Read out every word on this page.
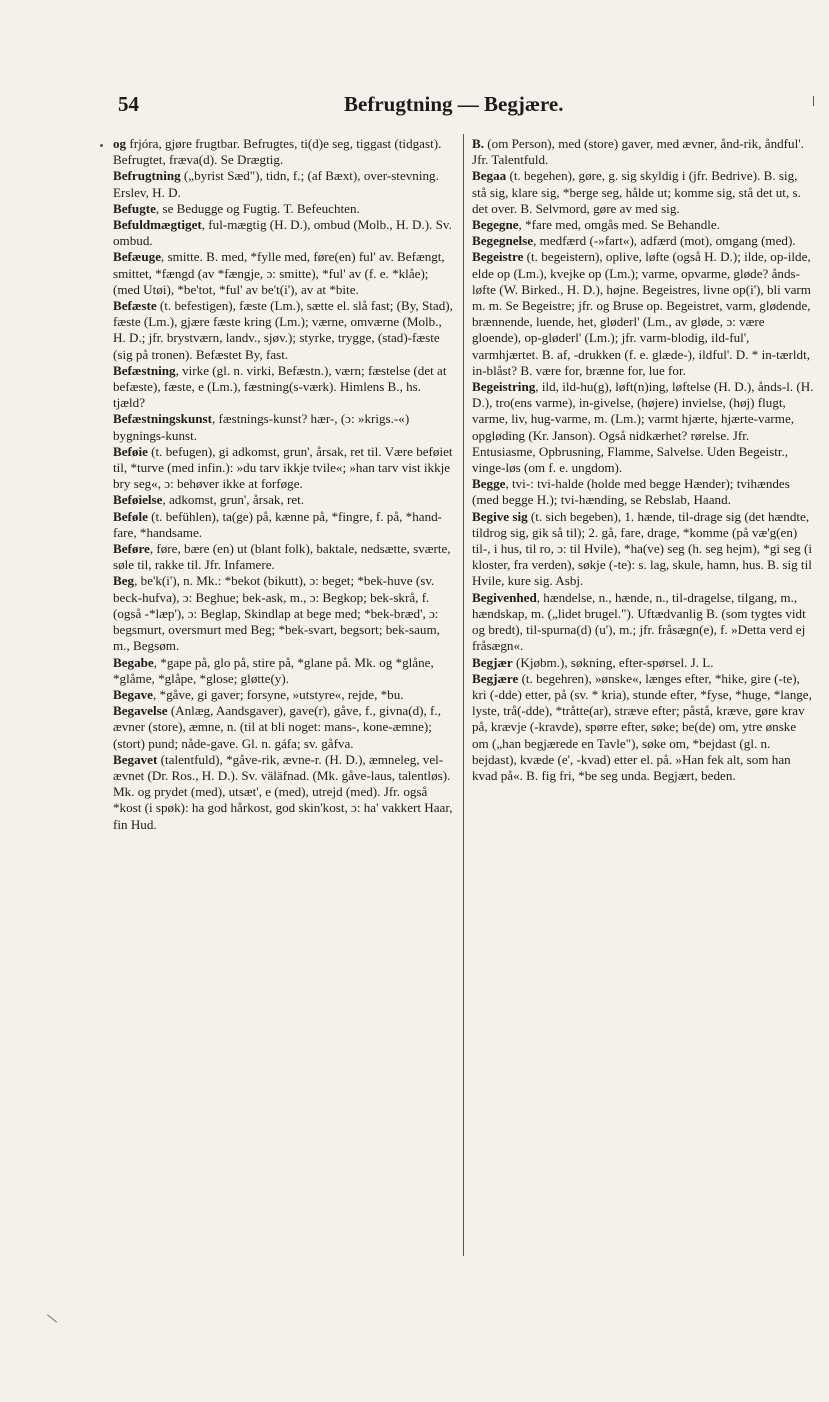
54	Befrugtning — Begjære.

og frjóra, gjøre frugtbar. Befrugtes, ti(d)e seg, tiggast (tidgast). Befrugtet, fræva(d). Se Drægtig.

Befrugtning („byrist Sæd"), tidn, f.; (af Bæxt), over-stevning. Erslev, H. D.

Befugte, se Bedugge og Fugtig. T. Befeuchten.

Befuldmægtiget, ful-mægtig (H. D.), ombud (Molb., H. D.). Sv. ombud.

Befæuge, smitte. B. med, *fylle med, føre(en) ful' av. Befængt, smittet, *fængd (av *fængje, ɔ: smitte), *ful' av (f. e. *klåe); (med Utøi), *be'tot, *ful' av be't(i'), av at *bite.

Befæste (t. befestigen), fæste (Lm.), sætte el. slå fast; (By, Stad), fæste (Lm.), gjære fæste kring (Lm.); værne, omværne (Molb., H. D.; jfr. brystværn, landv., sjøv.); styrke, trygge, (stad)-fæste (sig på tronen). Befæstet By, fast.

Befæstning, virke (gl. n. virki, Befæstn.), værn; fæstelse (det at befæste), fæste, e (Lm.), fæstning(s-værk). Himlens B., hs. tjæld?

Befæstningskunst, fæstnings-kunst? hær-, (ɔ: »krigs.-«) bygnings-kunst.

Beføie (t. befugen), gi adkomst, grun', årsak, ret til. Være beføiet til, *turve (med infin.): »du tarv ikkje tvile«; »han tarv vist ikkje bry seg«, ɔ: behøver ikke at forføge.

Beføielse, adkomst, grun', årsak, ret.

Beføle (t. befühlen), ta(ge) på, kænne på, *fingre, f. på, *hand-fare, *handsame.

Beføre, føre, bære (en) ut (blant folk), baktale, nedsætte, sværte, søle til, rakke til. Jfr. Infamere.

Beg, be'k(i'), n. Mk.: *bekot (bikutt), ɔ: beget; *bek-huve (sv. beck-hufva), ɔ: Beghue; bek-ask, m., ɔ: Begkop; bek-skrå, f. (også -*læp'), ɔ: Beglap, Skindlap at bege med; *bek-bræd', ɔ: begsmurt, oversmurt med Beg; *bek-svart, begsort; bek-saum, m., Begsøm.

Begabe, *gape på, glo på, stire på, *glane på. Mk. og *glåne, *glåme, *glåpe, *glose; gløtte(y).

Begave, *gåve, gi gaver; forsyne, »utstyre«, rejde, *bu.

Begavelse (Anlæg, Aandsgaver), gave(r), gåve, f., givna(d), f., ævner (store), æmne, n. (til at bli noget: mans-, kone-æmne); (stort) pund; nåde-gave. Gl. n. gáfa; sv. gåfva.

Begavet (talentfuld), *gåve-rik, ævne-r. (H. D.), æmneleg, vel-ævnet (Dr. Ros., H. D.). Sv. väläfnad. (Mk. gåve-laus, talentløs). Mk. og prydet (med), utsæt', e (med), utrejd (med). Jfr. også *kost (i spøk): ha god hårkost, god skin'kost, ɔ: ha' vakkert Haar, fin Hud.

B. (om Person), med (store) gaver, med ævner, ånd-rik, åndful'. Jfr. Talentfuld.

Begaa (t. begehen), gøre, g. sig skyldig i (jfr. Bedrive). B. sig, stå sig, klare sig, *berge seg, hålde ut; komme sig, stå det ut, s. det over. B. Selvmord, gøre av med sig.

Begegne, *fare med, omgås med. Se Behandle.

Begegnelse, medfærd (-»fart«), adfærd (mot), omgang (med).

Begeistre (t. begeistern), oplive, løfte (også H. D.); ilde, op-ilde, elde op (Lm.), kvejke op (Lm.); varme, opvarme, gløde? ånds-løfte (W. Birked., H. D.), højne. Begeistres, livne op(i'), bli varm m. m. Se Begeistre; jfr. og Bruse op. Begeistret, varm, glødende, brænnende, luende, het, gløderl' (Lm., av gløde, ɔ: være gloende), op-gløderl' (Lm.); jfr. varm-blodig, ild-ful', varmhjærtet. B. af, -drukken (f. e. glæde-), ildful'. D. * in-tærldt, in-blåst? B. være for, brænne for, lue for.

Begeistring, ild, ild-hu(g), løft(n)ing, løftelse (H. D.), ånds-l. (H. D.), tro(ens varme), in-givelse, (højere) invielse, (høj) flugt, varme, liv, hug-varme, m. (Lm.); varmt hjærte, hjærte-varme, opgløding (Kr. Janson). Også nidkærhet? rørelse. Jfr. Entusiasme, Opbrusning, Flamme, Salvelse. Uden Begeistr., vinge-løs (om f. e. ungdom).

Begge, tvi-: tvi-halde (holde med begge Hænder); tvihændes (med begge H.); tvi-hænding, se Rebslab, Haand.

Begive sig (t. sich begeben), 1. hænde, til-drage sig (det hændte, tildrog sig, gik så til); 2. gå, fare, drage, *komme (på væ'g(en) til-, i hus, til ro, ɔ: til Hvile), *ha(ve) seg (h. seg hejm), *gi seg (i kloster, fra verden), søkje (-te): s. lag, skule, hamn, hus. B. sig til Hvile, kure sig. Asbj.

Begivenhed, hændelse, n., hænde, n., til-dragelse, tilgang, m., hændskap, m. („lidet brugel."). Uftædvanlig B. (som tygtes vidt og bredt), til-spurna(d) (u'), m.; jfr. fråsægn(e), f. »Detta verd ej fråsægn«.

Begjær (Kjøbm.), søkning, efter-spørsel. J. L.

Begjære (t. begehren), »ønske«, længes efter, *hike, gire (-te), kri (-dde) etter, på (sv. * kria), stunde efter, *fyse, *huge, *lange, lyste, trå(-dde), *tråtte(ar), stræve efter; påstå, kræve, gøre krav på, krævje (-kravde), spørre efter, søke; be(de) om, ytre ønske om („han begjærede en Tavle"), søke om, *bejdast (gl. n. bejdast), kvæde (e', -kvad) etter el. på. »Han fek alt, som han kvad på«. B. fig fri, *be seg unda. Begjært, beden.
